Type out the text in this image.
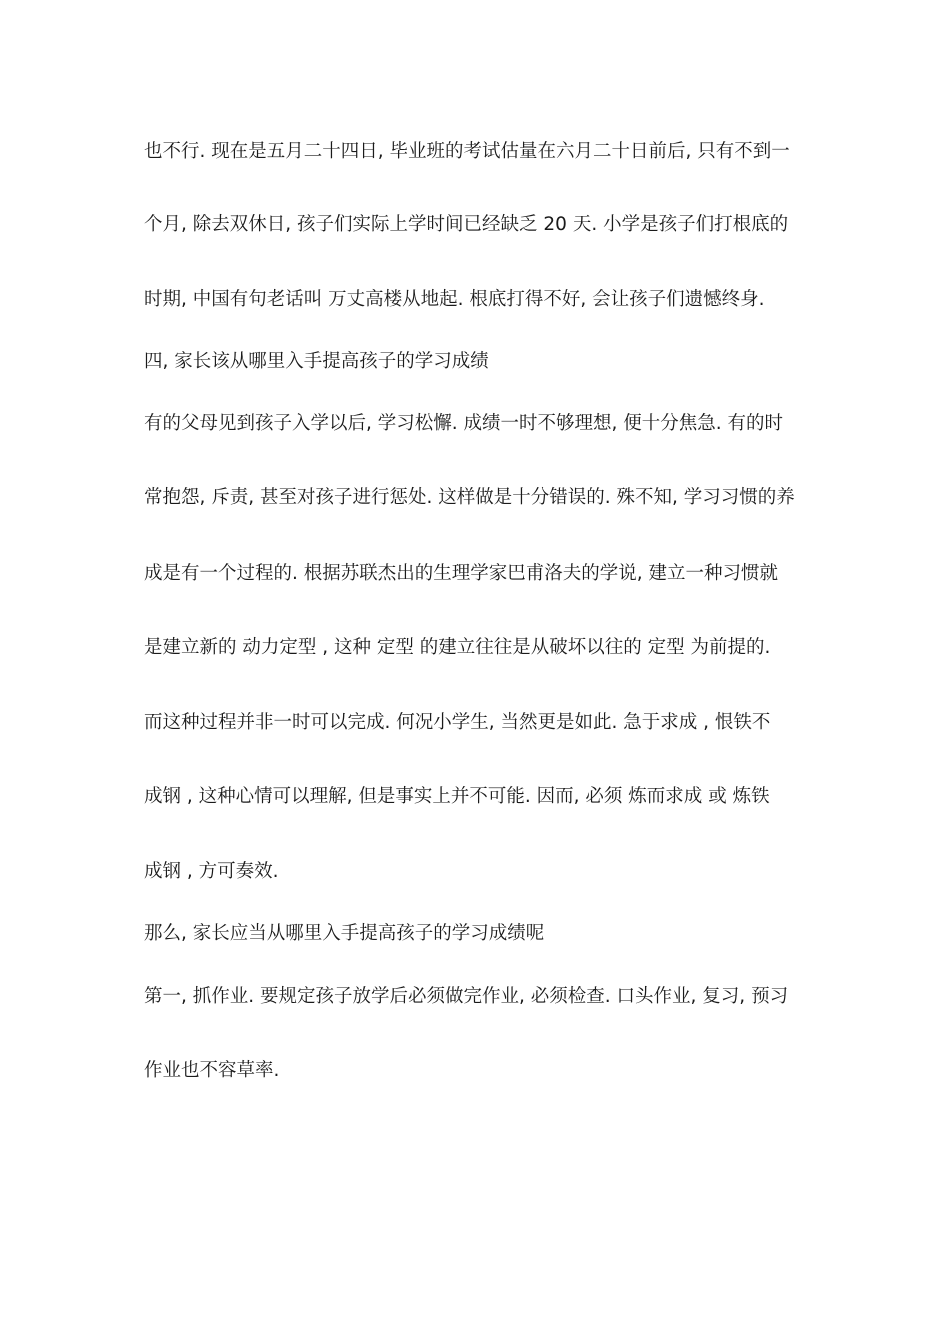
也不行. 现在是五月二十四日, 毕业班的考试估量在六月二十日前后, 只有不到一
个月, 除去双休日, 孩子们实际上学时间已经缺乏 20 天. 小学是孩子们打根底的
时期, 中国有句老话叫 万丈高楼从地起. 根底打得不好, 会让孩子们遗憾终身.
四, 家长该从哪里入手提高孩子的学习成绩
有的父母见到孩子入学以后, 学习松懈. 成绩一时不够理想, 便十分焦急. 有的时
常抱怨, 斥责, 甚至对孩子进行惩处. 这样做是十分错误的. 殊不知, 学习习惯的养
成是有一个过程的. 根据苏联杰出的生理学家巴甫洛夫的学说, 建立一种习惯就
是建立新的 动力定型 , 这种 定型 的建立往往是从破坏以往的 定型 为前提的.
而这种过程并非一时可以完成. 何况小学生, 当然更是如此. 急于求成 , 恨铁不
成钢 , 这种心情可以理解, 但是事实上并不可能. 因而, 必须 炼而求成 或 炼铁
成钢 , 方可奏效.
那么, 家长应当从哪里入手提高孩子的学习成绩呢
第一, 抓作业. 要规定孩子放学后必须做完作业, 必须检查. 口头作业, 复习, 预习
作业也不容草率.
